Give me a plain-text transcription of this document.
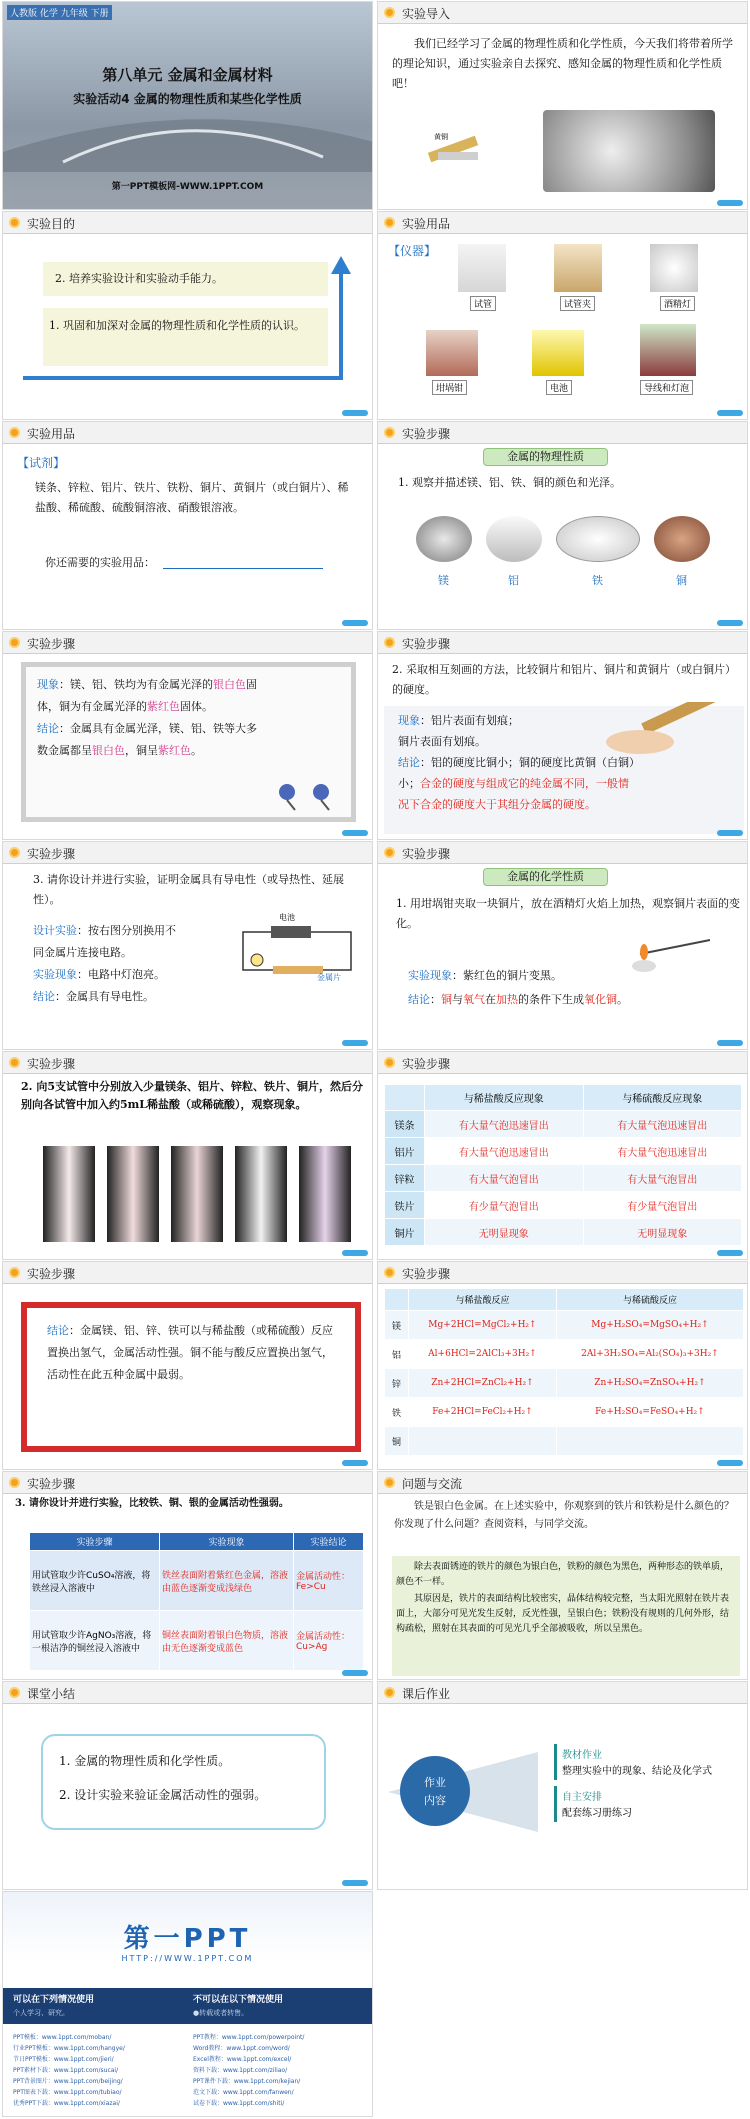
人教版 化学 九年级 下册
第八单元 金属和金属材料
实验活动4 金属的物理性质和某些化学性质
第一PPT模板网-WWW.1PPT.COM
实验导入
我们已经学习了金属的物理性质和化学性质，今天我们将带着所学的理论知识，通过实验亲自去探究、感知金属的物理性质和化学性质吧！
黄铜
实验目的
2. 培养实验设计和实验动手能力。
1. 巩固和加深对金属的物理性质和化学性质的认识。
实验用品
【仪器】
试管	试管夹	酒精灯
坩埚钳	电池	导线和灯泡
实验用品
【试剂】
镁条、锌粒、铝片、铁片、铁粉、铜片、黄铜片（或白铜片）、稀盐酸、稀硫酸、硫酸铜溶液、硝酸银溶液。
你还需要的实验用品：
实验步骤
金属的物理性质
1. 观察并描述镁、铝、铁、铜的颜色和光泽。
镁	铝	铁	铜
实验步骤
现象：镁、铝、铁均为有金属光泽的银白色固
体，铜为有金属光泽的紫红色固体。
结论：金属具有金属光泽，镁、铝、铁等大多
数金属都呈银白色，铜呈紫红色。
实验步骤
2. 采取相互刻画的方法，比较铜片和铝片、铜片和黄铜片（或白铜片）的硬度。
现象：铝片表面有划痕；
铜片表面有划痕。
结论：铝的硬度比铜小；铜的硬度比黄铜（白铜）
小；合金的硬度与组成它的纯金属不同，一般情
况下合金的硬度大于其组分金属的硬度。
实验步骤
3. 请你设计并进行实验，证明金属具有导电性（或导热性、延展性）。
设计实验：按右图分别换用不
同金属片连接电路。
实验现象：电路中灯泡亮。
结论：金属具有导电性。
电池
金属片
实验步骤
金属的化学性质
1. 用坩埚钳夹取一块铜片，放在酒精灯火焰上加热，观察铜片表面的变化。
实验现象：紫红色的铜片变黑。
结论：铜与氧气在加热的条件下生成氧化铜。
实验步骤
2. 向5支试管中分别放入少量镁条、铝片、锌粒、铁片、铜片，然后分别向各试管中加入约5mL稀盐酸（或稀硫酸），观察现象。
实验步骤
	与稀盐酸反应现象	与稀硫酸反应现象
镁条	有大量气泡迅速冒出	有大量气泡迅速冒出
铝片	有大量气泡迅速冒出	有大量气泡迅速冒出
锌粒	有大量气泡冒出	有大量气泡冒出
铁片	有少量气泡冒出	有少量气泡冒出
铜片	无明显现象	无明显现象
实验步骤
结论：金属镁、铝、锌、铁可以与稀盐酸（或稀硫酸）反应置换出氢气，金属活动性强。铜不能与酸反应置换出氢气，活动性在此五种金属中最弱。
实验步骤
	与稀盐酸反应	与稀硫酸反应
镁	Mg+2HCl=MgCl₂+H₂↑	Mg+H₂SO₄=MgSO₄+H₂↑
铝	Al+6HCl=2AlCl₃+3H₂↑	2Al+3H₂SO₄=Al₂(SO₄)₃+3H₂↑
锌	Zn+2HCl=ZnCl₂+H₂↑	Zn+H₂SO₄=ZnSO₄+H₂↑
铁	Fe+2HCl=FeCl₂+H₂↑	Fe+H₂SO₄=FeSO₄+H₂↑
铜		
实验步骤
3. 请你设计并进行实验，比较铁、铜、银的金属活动性强弱。
实验步骤	实验现象	实验结论
用试管取少许CuSO₄溶液，将铁丝浸入溶液中	铁丝表面附着紫红色金属，溶液由蓝色逐渐变成浅绿色	金属活动性：Fe>Cu
用试管取少许AgNO₃溶液，将一根洁净的铜丝浸入溶液中	铜丝表面附着银白色物质，溶液由无色逐渐变成蓝色	金属活动性：Cu>Ag
问题与交流
铁是银白色金属。在上述实验中，你观察到的铁片和铁粉是什么颜色的？你发现了什么问题？查阅资料，与同学交流。
除去表面锈迹的铁片的颜色为银白色，铁粉的颜色为黑色，两种形态的铁单质，颜色不一样。
其原因是，铁片的表面结构比较密实，晶体结构较完整，当太阳光照射在铁片表面上，大部分可见光发生反射，反光性强，呈银白色；铁粉没有规则的几何外形，结构疏松，照射在其表面的可见光几乎全部被吸收，所以呈黑色。
课堂小结
1. 金属的物理性质和化学性质。
2. 设计实验来验证金属活动性的强弱。
课后作业
作业
内容
教材作业
整理实验中的现象、结论及化学式
自主安排
配套练习册练习
第一PPT
HTTP://WWW.1PPT.COM
可以在下列情况使用
个人学习、研究。
不可以在以下情况使用
●转载或者转售。
PPT模板：www.1ppt.com/moban/
行业PPT模板：www.1ppt.com/hangye/
节日PPT模板：www.1ppt.com/jieri/
PPT素材下载：www.1ppt.com/sucai/
PPT背景图片：www.1ppt.com/beijing/
PPT图表下载：www.1ppt.com/tubiao/
优秀PPT下载：www.1ppt.com/xiazai/
PPT教程：www.1ppt.com/powerpoint/
Word教程：www.1ppt.com/word/
Excel教程：www.1ppt.com/excel/
资料下载：www.1ppt.com/ziliao/
PPT课件下载：www.1ppt.com/kejian/
范文下载：www.1ppt.com/fanwen/
试卷下载：www.1ppt.com/shiti/
